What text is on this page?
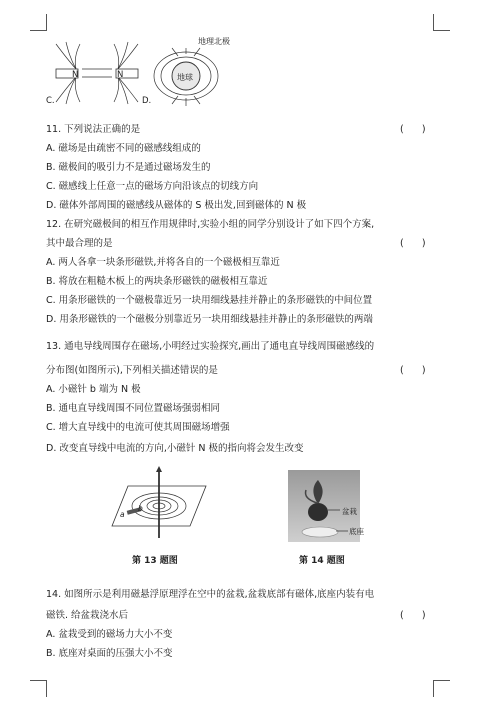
N	N
C.
地球
地理北极
D.
11. 下列说法正确的是	(      )
A. 磁场是由疏密不同的磁感线组成的
B. 磁极间的吸引力不是通过磁场发生的
C. 磁感线上任意一点的磁场方向沿该点的切线方向
D. 磁体外部周围的磁感线从磁体的 S 极出发,回到磁体的 N 极
12. 在研究磁极间的相互作用规律时,实验小组的同学分别设计了如下四个方案,
其中最合理的是	(      )
A. 两人各拿一块条形磁铁,并将各自的一个磁极相互靠近
B. 将放在粗糙木板上的两块条形磁铁的磁极相互靠近
C. 用条形磁铁的一个磁极靠近另一块用细线悬挂并静止的条形磁铁的中间位置
D. 用条形磁铁的一个磁极分别靠近另一块用细线悬挂并静止的条形磁铁的两端
13. 通电导线周围存在磁场,小明经过实验探究,画出了通电直导线周围磁感线的
分布图(如图所示),下列相关描述错误的是	(      )
A. 小磁针 b 端为 N 极
B. 通电直导线周围不同位置磁场强弱相同
C. 增大直导线中的电流可使其周围磁场增强
D. 改变直导线中电流的方向,小磁针 N 极的指向将会发生改变
a
b
第 13 题图
盆栽
底座
第 14 题图
14. 如图所示是利用磁悬浮原理浮在空中的盆栽,盆栽底部有磁体,底座内装有电
磁铁. 给盆栽浇水后	(      )
A. 盆栽受到的磁场力大小不变
B. 底座对桌面的压强大小不变
